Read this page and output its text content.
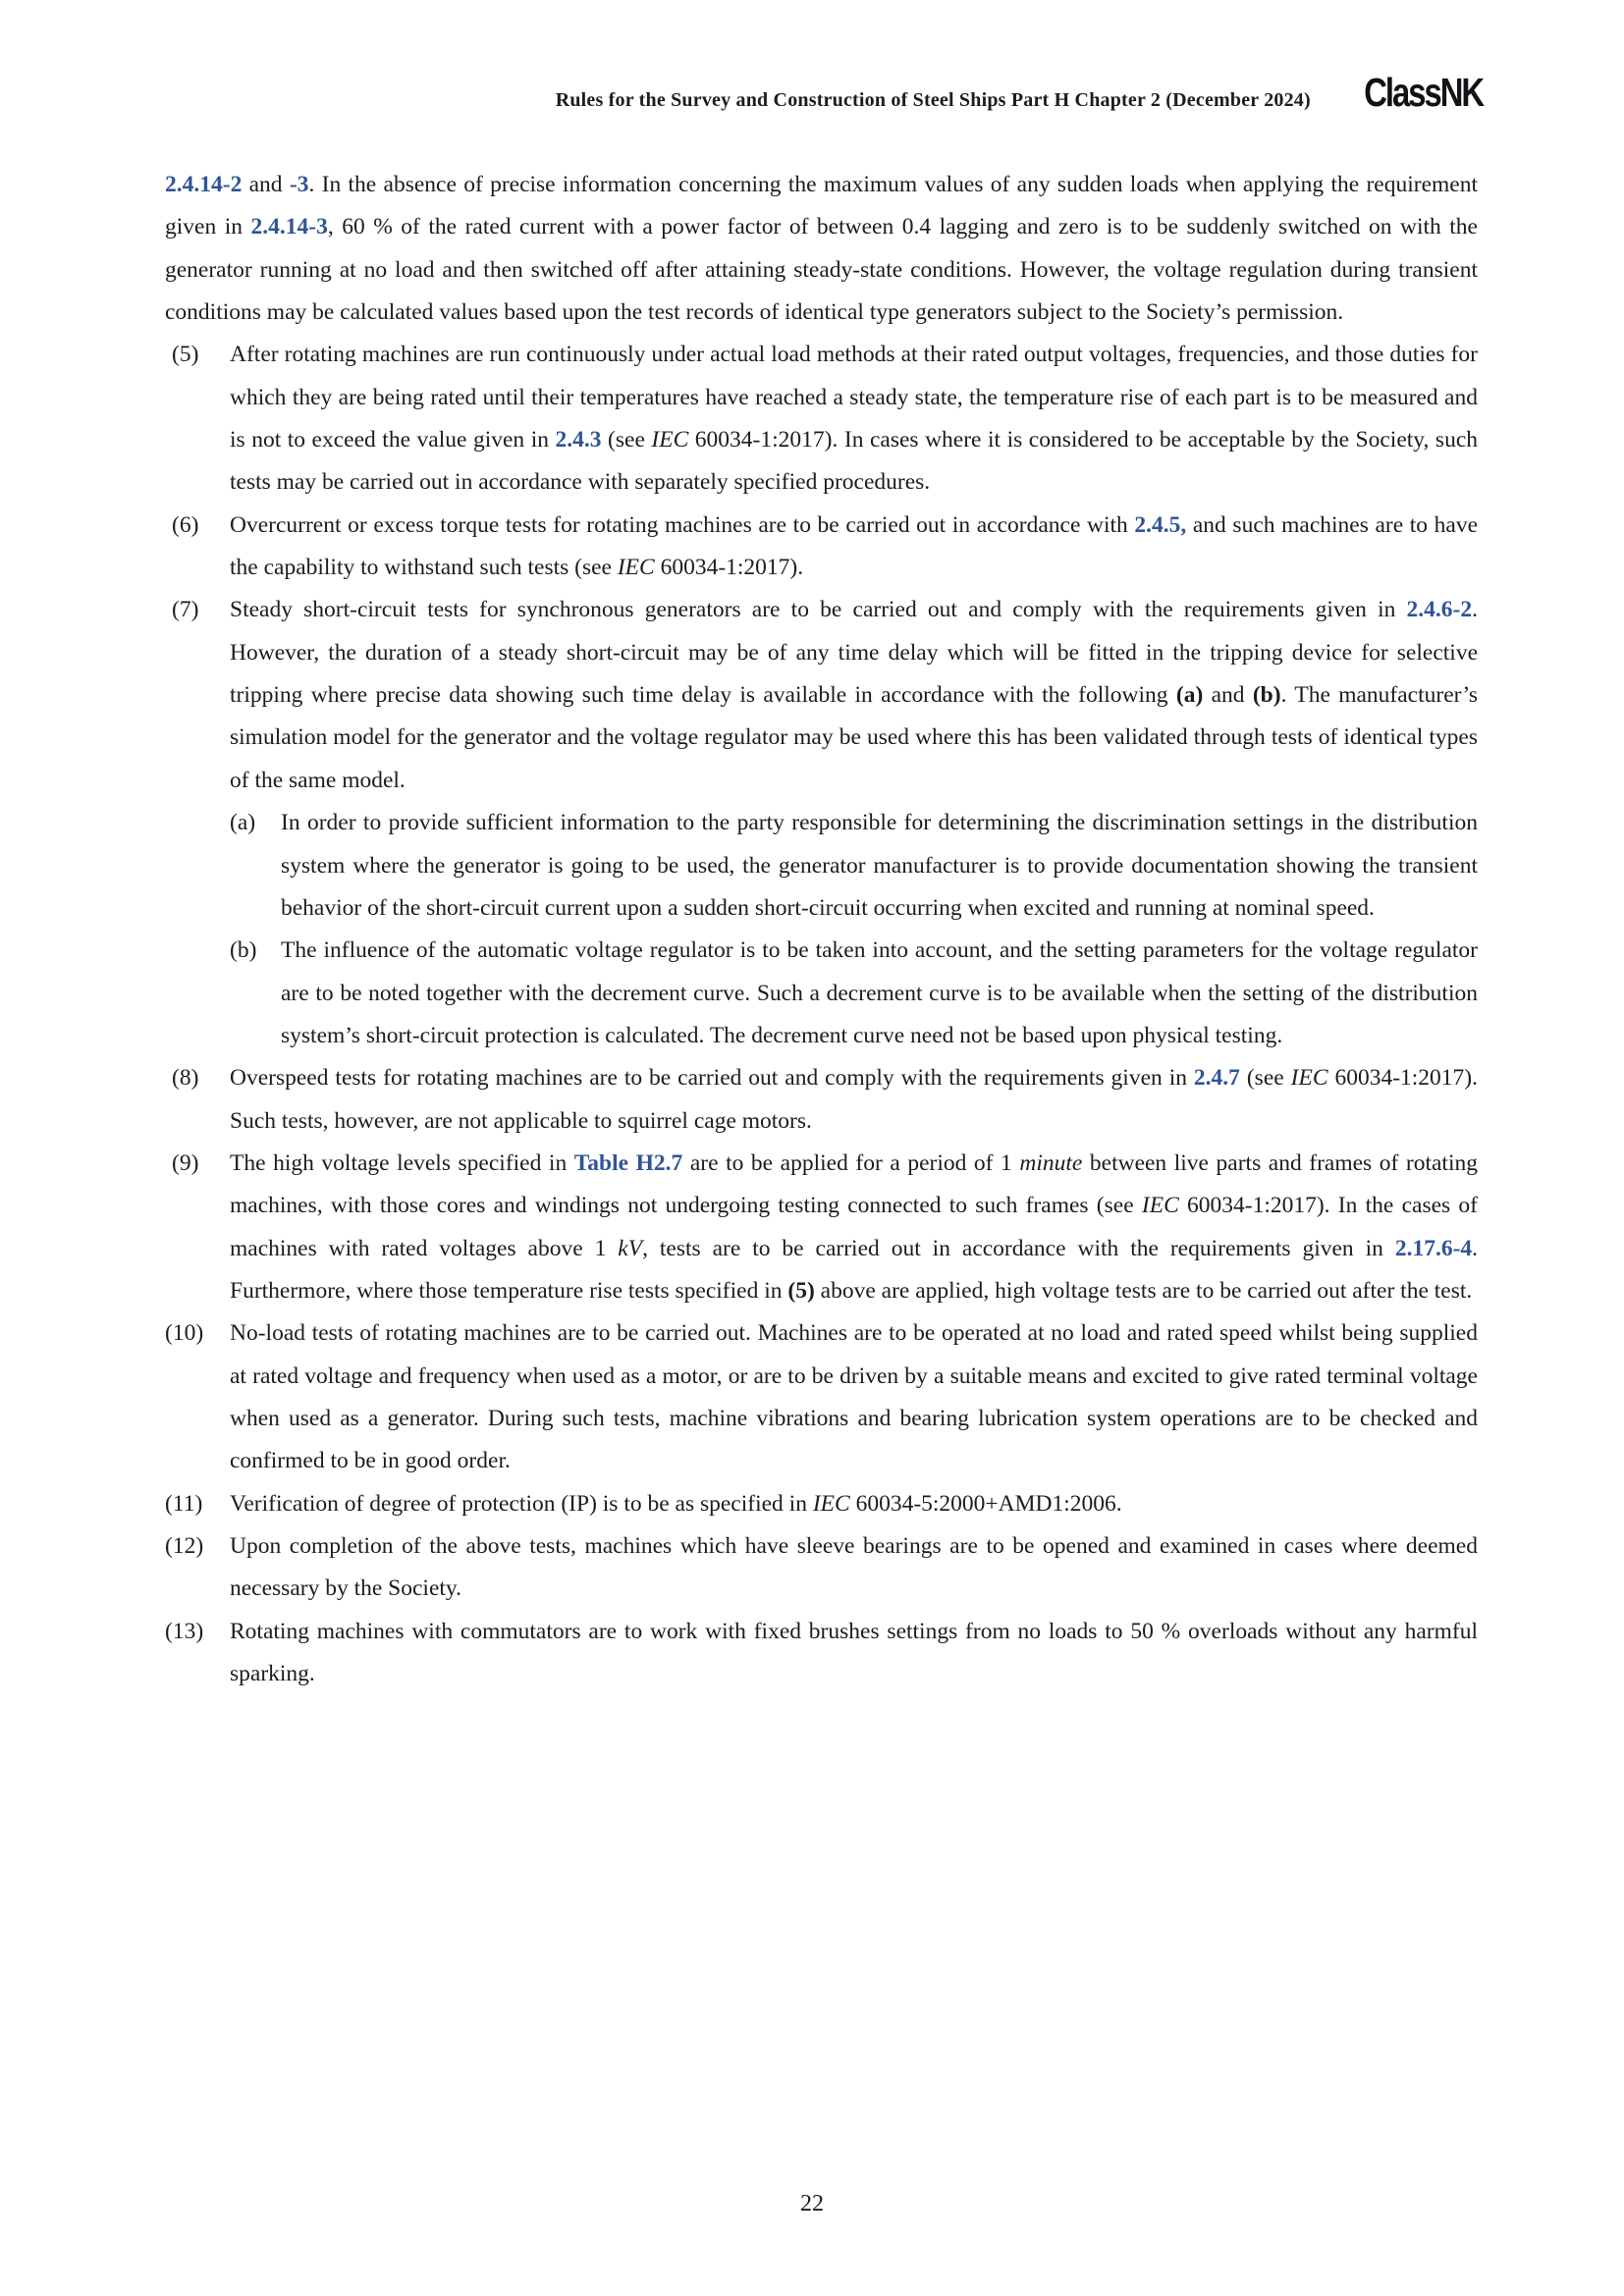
Rules for the Survey and Construction of Steel Ships Part H Chapter 2 (December 2024) ClassNK

2.4.14-2 and -3. In the absence of precise information concerning the maximum values of any sudden loads when applying the requirement given in 2.4.14-3, 60 % of the rated current with a power factor of between 0.4 lagging and zero is to be suddenly switched on with the generator running at no load and then switched off after attaining steady-state conditions. However, the voltage regulation during transient conditions may be calculated values based upon the test records of identical type generators subject to the Society’s permission.

(5)	After rotating machines are run continuously under actual load methods at their rated output voltages, frequencies, and those duties for which they are being rated until their temperatures have reached a steady state, the temperature rise of each part is to be measured and is not to exceed the value given in 2.4.3 (see IEC 60034-1:2017). In cases where it is considered to be acceptable by the Society, such tests may be carried out in accordance with separately specified procedures.

(6)	Overcurrent or excess torque tests for rotating machines are to be carried out in accordance with 2.4.5, and such machines are to have the capability to withstand such tests (see IEC 60034-1:2017).

(7)	Steady short-circuit tests for synchronous generators are to be carried out and comply with the requirements given in 2.4.6-2. However, the duration of a steady short-circuit may be of any time delay which will be fitted in the tripping device for selective tripping where precise data showing such time delay is available in accordance with the following (a) and (b). The manufacturer’s simulation model for the generator and the voltage regulator may be used where this has been validated through tests of identical types of the same model.

(a)	In order to provide sufficient information to the party responsible for determining the discrimination settings in the distribution system where the generator is going to be used, the generator manufacturer is to provide documentation showing the transient behavior of the short-circuit current upon a sudden short-circuit occurring when excited and running at nominal speed.

(b)	The influence of the automatic voltage regulator is to be taken into account, and the setting parameters for the voltage regulator are to be noted together with the decrement curve. Such a decrement curve is to be available when the setting of the distribution system’s short-circuit protection is calculated. The decrement curve need not be based upon physical testing.

(8)	Overspeed tests for rotating machines are to be carried out and comply with the requirements given in 2.4.7 (see IEC 60034-1:2017). Such tests, however, are not applicable to squirrel cage motors.

(9)	The high voltage levels specified in Table H2.7 are to be applied for a period of 1 minute between live parts and frames of rotating machines, with those cores and windings not undergoing testing connected to such frames (see IEC 60034-1:2017). In the cases of machines with rated voltages above 1 kV, tests are to be carried out in accordance with the requirements given in 2.17.6-4. Furthermore, where those temperature rise tests specified in (5) above are applied, high voltage tests are to be carried out after the test.

(10)	No-load tests of rotating machines are to be carried out. Machines are to be operated at no load and rated speed whilst being supplied at rated voltage and frequency when used as a motor, or are to be driven by a suitable means and excited to give rated terminal voltage when used as a generator. During such tests, machine vibrations and bearing lubrication system operations are to be checked and confirmed to be in good order.

(11)	Verification of degree of protection (IP) is to be as specified in IEC 60034-5:2000+AMD1:2006.

(12)	Upon completion of the above tests, machines which have sleeve bearings are to be opened and examined in cases where deemed necessary by the Society.

(13)	Rotating machines with commutators are to work with fixed brushes settings from no loads to 50 % overloads without any harmful sparking.

22
